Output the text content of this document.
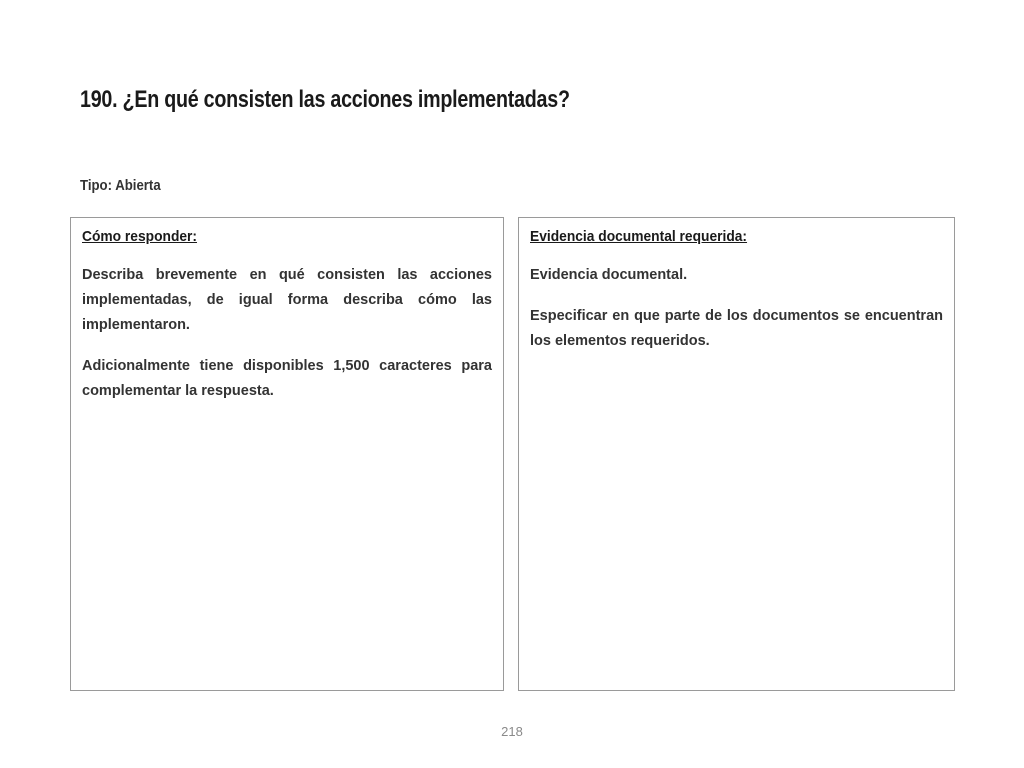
190. ¿En qué consisten las acciones implementadas?
Tipo: Abierta
Cómo responder:

Describa brevemente en qué consisten las acciones implementadas, de igual forma describa cómo las implementaron.

Adicionalmente tiene disponibles 1,500 caracteres para complementar la respuesta.

Evidencia documental requerida:

Evidencia documental.

Especificar en que parte de los documentos se encuentran los elementos requeridos.

218
